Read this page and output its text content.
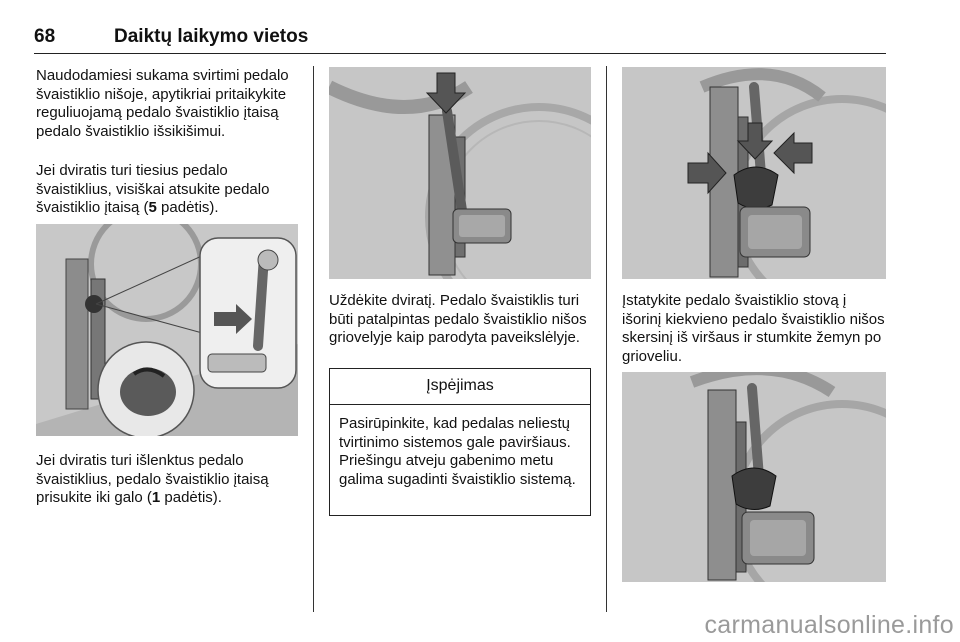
68	Daiktų laikymo vietos
Naudodamiesi sukama svirtimi pedalo švaistiklio nišoje, apytikriai pritaikykite reguliuojamą pedalo švaistiklio įtaisą pedalo švaistiklio išsikišimui.
Jei dviratis turi tiesius pedalo švaistiklius, visiškai atsukite pedalo švaistiklio įtaisą (5 padėtis).
Jei dviratis turi išlenktus pedalo švaistiklius, pedalo švaistiklio įtaisą prisukite iki galo (1 padėtis).
Uždėkite dviratį. Pedalo švaistiklis turi būti patalpintas pedalo švaistiklio nišos griovelyje kaip parodyta paveikslėlyje.
Įspėjimas
Pasirūpinkite, kad pedalas neliestų tvirtinimo sistemos gale paviršiaus. Priešingu atveju gabenimo metu galima sugadinti švaistiklio sistemą.
Įstatykite pedalo švaistiklio stovą į išorinį kiekvieno pedalo švaistiklio nišos skersinį iš viršaus ir stumkite žemyn po grioveliu.
carmanualsonline.info
